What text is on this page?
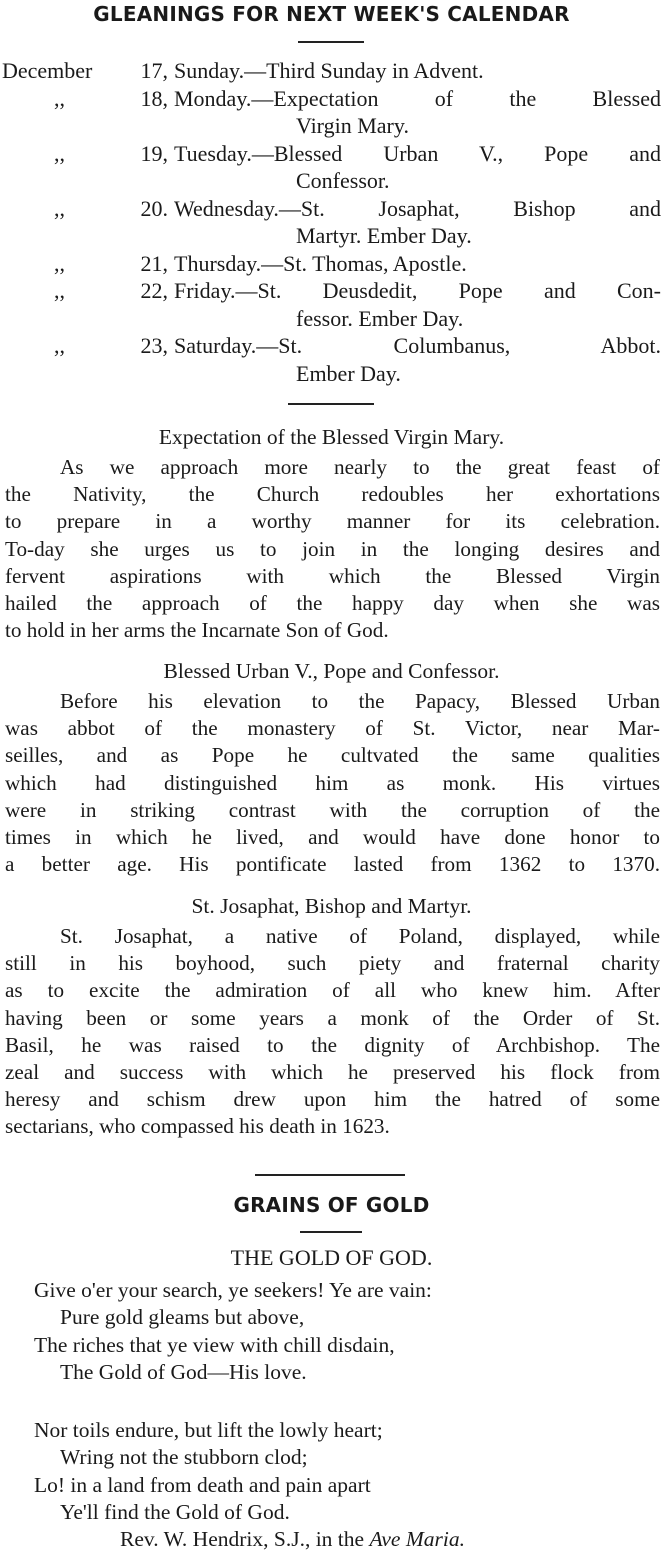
GLEANINGS FOR NEXT WEEK'S CALENDAR
December	17, Sunday.—Third Sunday in Advent.
,,	18, Monday.—Expectation of the Blessed
Virgin Mary.
,,	19, Tuesday.—Blessed Urban V., Pope and
Confessor.
,,	20. Wednesday.—St. Josaphat, Bishop and
Martyr. Ember Day.
,,	21, Thursday.—St. Thomas, Apostle.
,,	22, Friday.—St. Deusdedit, Pope and Con-
fessor. Ember Day.
,,	23, Saturday.—St. Columbanus, Abbot.
Ember Day.
Expectation of the Blessed Virgin Mary.
As we approach more nearly to the great feast of
the Nativity, the Church redoubles her exhortations
to prepare in a worthy manner for its celebration.
To-day she urges us to join in the longing desires and
fervent aspirations with which the Blessed Virgin
hailed the approach of the happy day when she was
to hold in her arms the Incarnate Son of God.
Blessed Urban V., Pope and Confessor.
Before his elevation to the Papacy, Blessed Urban
was abbot of the monastery of St. Victor, near Mar-
seilles, and as Pope he cultvated the same qualities
which had distinguished him as monk. His virtues
were in striking contrast with the corruption of the
times in which he lived, and would have done honor to
a better age. His pontificate lasted from 1362 to 1370.
St. Josaphat, Bishop and Martyr.
St. Josaphat, a native of Poland, displayed, while
still in his boyhood, such piety and fraternal charity
as to excite the admiration of all who knew him. After
having been or some years a monk of the Order of St.
Basil, he was raised to the dignity of Archbishop. The
zeal and success with which he preserved his flock from
heresy and schism drew upon him the hatred of some
sectarians, who compassed his death in 1623.
GRAINS OF GOLD
THE GOLD OF GOD.
Give o'er your search, ye seekers! Ye are vain:
Pure gold gleams but above,
The riches that ye view with chill disdain,
The Gold of God—His love.
Nor toils endure, but lift the lowly heart;
Wring not the stubborn clod;
Lo! in a land from death and pain apart
Ye'll find the Gold of God.
Rev. W. Hendrix, S.J., in the Ave Maria.
